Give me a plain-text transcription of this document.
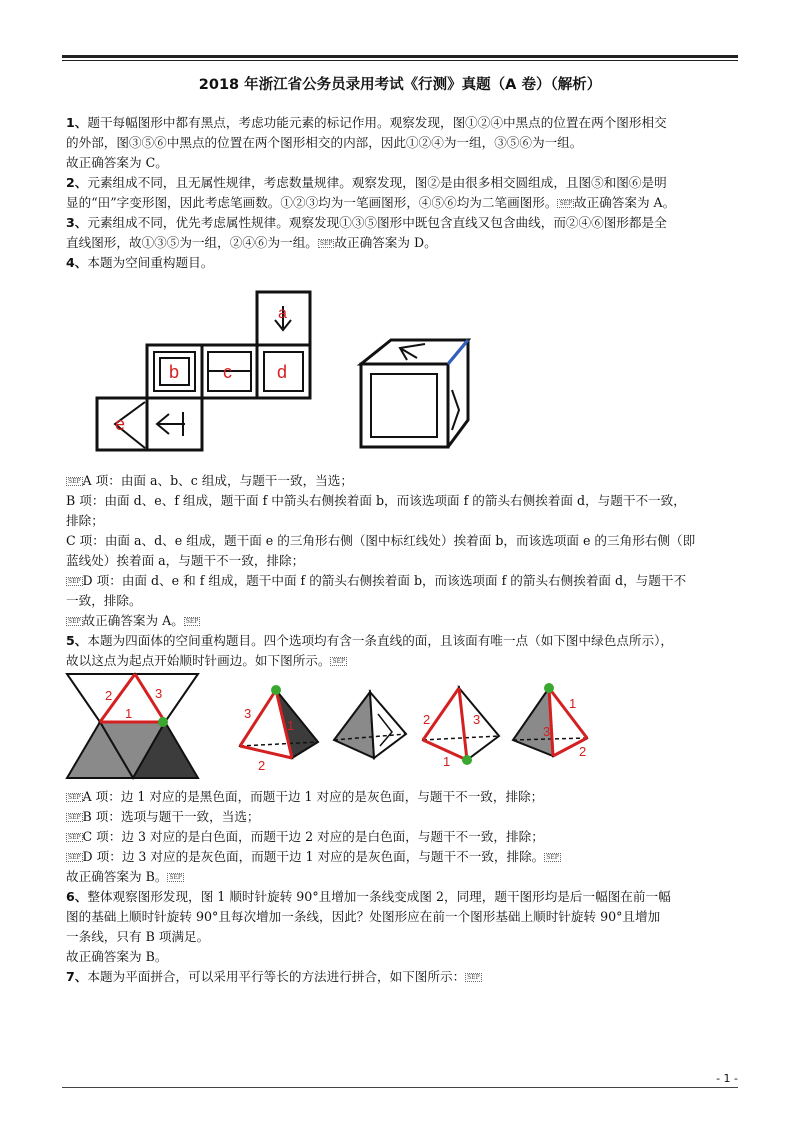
2018 年浙江省公务员录用考试《行测》真题（A 卷）（解析）

1、题干每幅图形中都有黑点，考虑功能元素的标记作用。观察发现，图①②④中黑点的位置在两个图形相交

的外部，图③⑤⑥中黑点的位置在两个图形相交的内部，因此①②④为一组，③⑤⑥为一组。

故正确答案为 C。

2、元素组成不同，且无属性规律，考虑数量规律。观察发现，图②是由很多相交圆组成，且图⑤和图⑥是明

显的“田”字变形图，因此考虑笔画数。①②③均为一笔画图形，④⑤⑥均为二笔画图形。 SEP 故正确答案为 A。

3、元素组成不同，优先考虑属性规律。观察发现①③⑤图形中既包含直线又包含曲线，而②④⑥图形都是全

直线图形，故①③⑤为一组，②④⑥为一组。 SEP 故正确答案为 D。

4、本题为空间重构题目。

a
b c	d
e

SEP A 项：由面 a、b、c 组成，与题干一致，当选；

B 项：由面 d、e、f 组成，题干面 f 中箭头右侧挨着面 b，而该选项面 f 的箭头右侧挨着面 d，与题干不一致，

排除；

C 项：由面 a、d、e 组成，题干面 e 的三角形右侧（图中标红线处）挨着面 b，而该选项面 e 的三角形右侧（即

蓝线处）挨着面 a，与题干不一致，排除；

SEP D 项：由面 d、e 和 f 组成，题干中面 f 的箭头右侧挨着面 b，而该选项面 f 的箭头右侧挨着面 d，与题干不

一致，排除。

SEP 故正确答案为 A。 SEP

5、本题为四面体的空间重构题目。四个选项均有含一条直线的面，且该面有唯一点（如下图中绿色点所示），

故以这点为起点开始顺时针画边。如下图所示。 SEP

2	3
1	3
1
2
2	3
1
1
3
2

SEP A 项：边 1 对应的是黑色面，而题干边 1 对应的是灰色面，与题干不一致，排除；

SEP B 项：选项与题干一致，当选；

SEP C 项：边 3 对应的是白色面，而题干边 2 对应的是白色面，与题干不一致，排除；

SEP D 项：边 3 对应的是灰色面，而题干边 1 对应的是灰色面，与题干不一致，排除。 SEP

故正确答案为 B。 SEP

6、整体观察图形发现，图 1 顺时针旋转 90°且增加一条线变成图 2，同理，题干图形均是后一幅图在前一幅

图的基础上顺时针旋转 90°且每次增加一条线，因此？处图形应在前一个图形基础上顺时针旋转 90°且增加

一条线，只有 B 项满足。

故正确答案为 B。

7、本题为平面拼合，可以采用平行等长的方法进行拼合，如下图所示： SEP

- 1 -
